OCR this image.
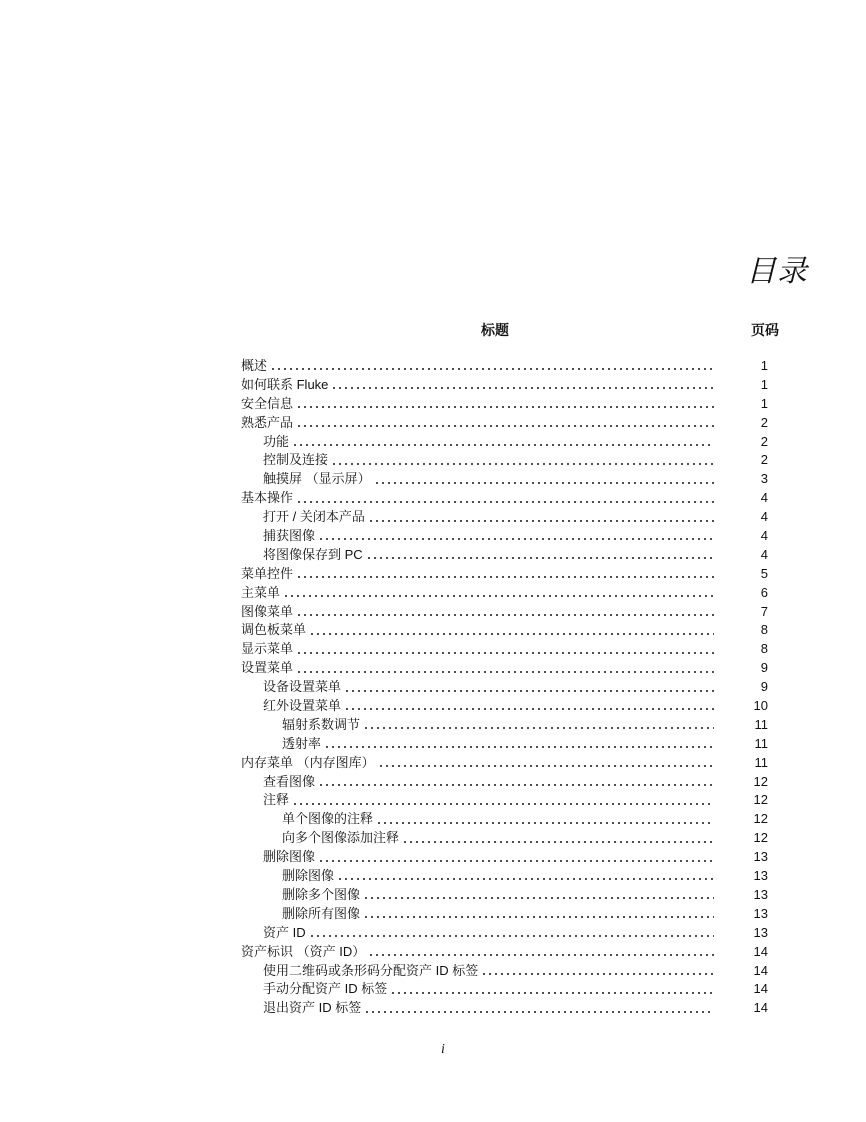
目录
标题	页码
概述	1
如何联系 Fluke	1
安全信息	1
熟悉产品	2
功能	2
控制及连接	2
触摸屏 （显示屏）	3
基本操作	4
打开 / 关闭本产品	4
捕获图像	4
将图像保存到 PC	4
菜单控件	5
主菜单	6
图像菜单	7
调色板菜单	8
显示菜单	8
设置菜单	9
设备设置菜单	9
红外设置菜单	10
辐射系数调节	11
透射率	11
内存菜单 （内存图库）	11
查看图像	12
注释	12
单个图像的注释	12
向多个图像添加注释	12
删除图像	13
删除图像	13
删除多个图像	13
删除所有图像	13
资产 ID	13
资产标识 （资产 ID）	14
使用二维码或条形码分配资产 ID 标签	14
手动分配资产 ID 标签	14
退出资产 ID 标签	14
i
